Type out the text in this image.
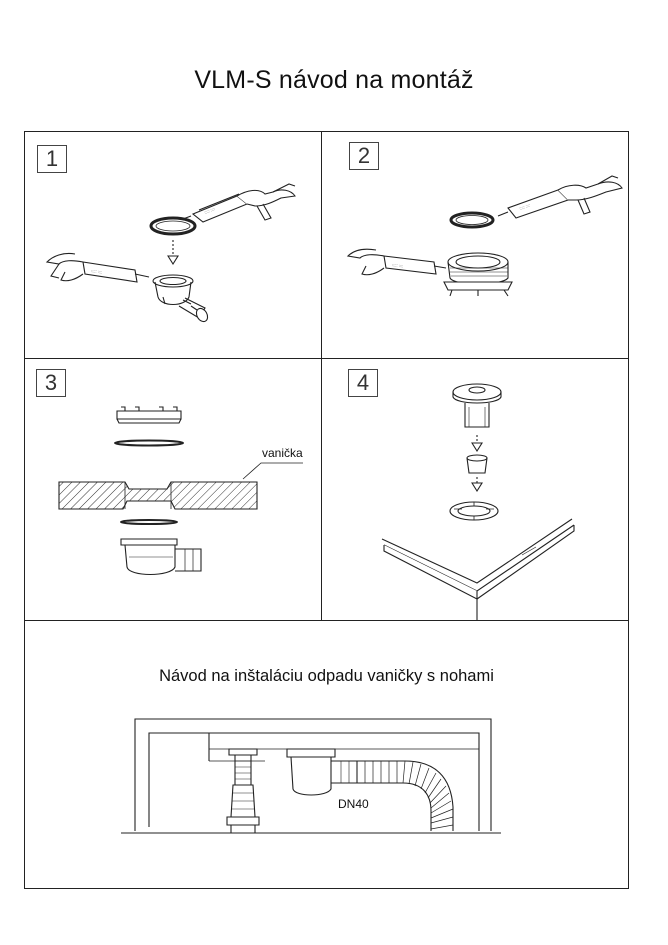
VLM-S návod na montáž
1
::::: ::::
::::: ::::
2
::::: ::::
::::: ::::
3
vanička
4
Návod na inštaláciu odpadu vaničky s nohami
DN40
